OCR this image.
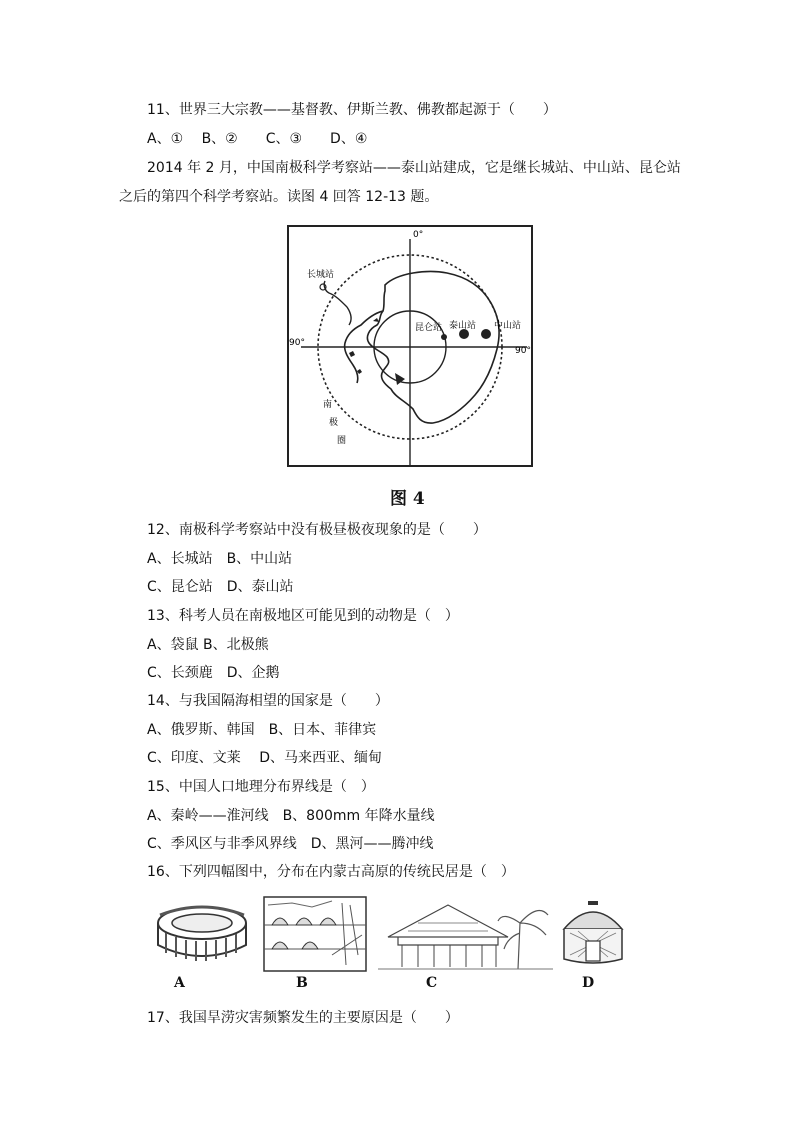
11、世界三大宗教——基督教、伊斯兰教、佛教都起源于（　　）
A、①　 B、②　　C、③　　D、④
2014 年 2 月，中国南极科学考察站——泰山站建成，它是继长城站、中山站、昆仑站
之后的第四个科学考察站。读图 4 回答 12-13 题。
0°
90°
90°
长城站
昆仑站 泰山站 中山站
南
极
圈
图 4
12、南极科学考察站中没有极昼极夜现象的是（　　）
A、长城站　B、中山站
C、昆仑站　D、泰山站
13、科考人员在南极地区可能见到的动物是（　）
A、袋鼠 B、北极熊
C、长颈鹿　D、企鹅
14、与我国隔海相望的国家是（　　）
A、俄罗斯、韩国　B、日本、菲律宾
C、印度、文莱　 D、马来西亚、缅甸
15、中国人口地理分布界线是（　）
A、秦岭——淮河线　B、800mm 年降水量线
C、季风区与非季风界线　D、黑河——腾冲线
16、下列四幅图中，分布在内蒙古高原的传统民居是（　）
A	B	C	D
17、我国旱涝灾害频繁发生的主要原因是（　　）
